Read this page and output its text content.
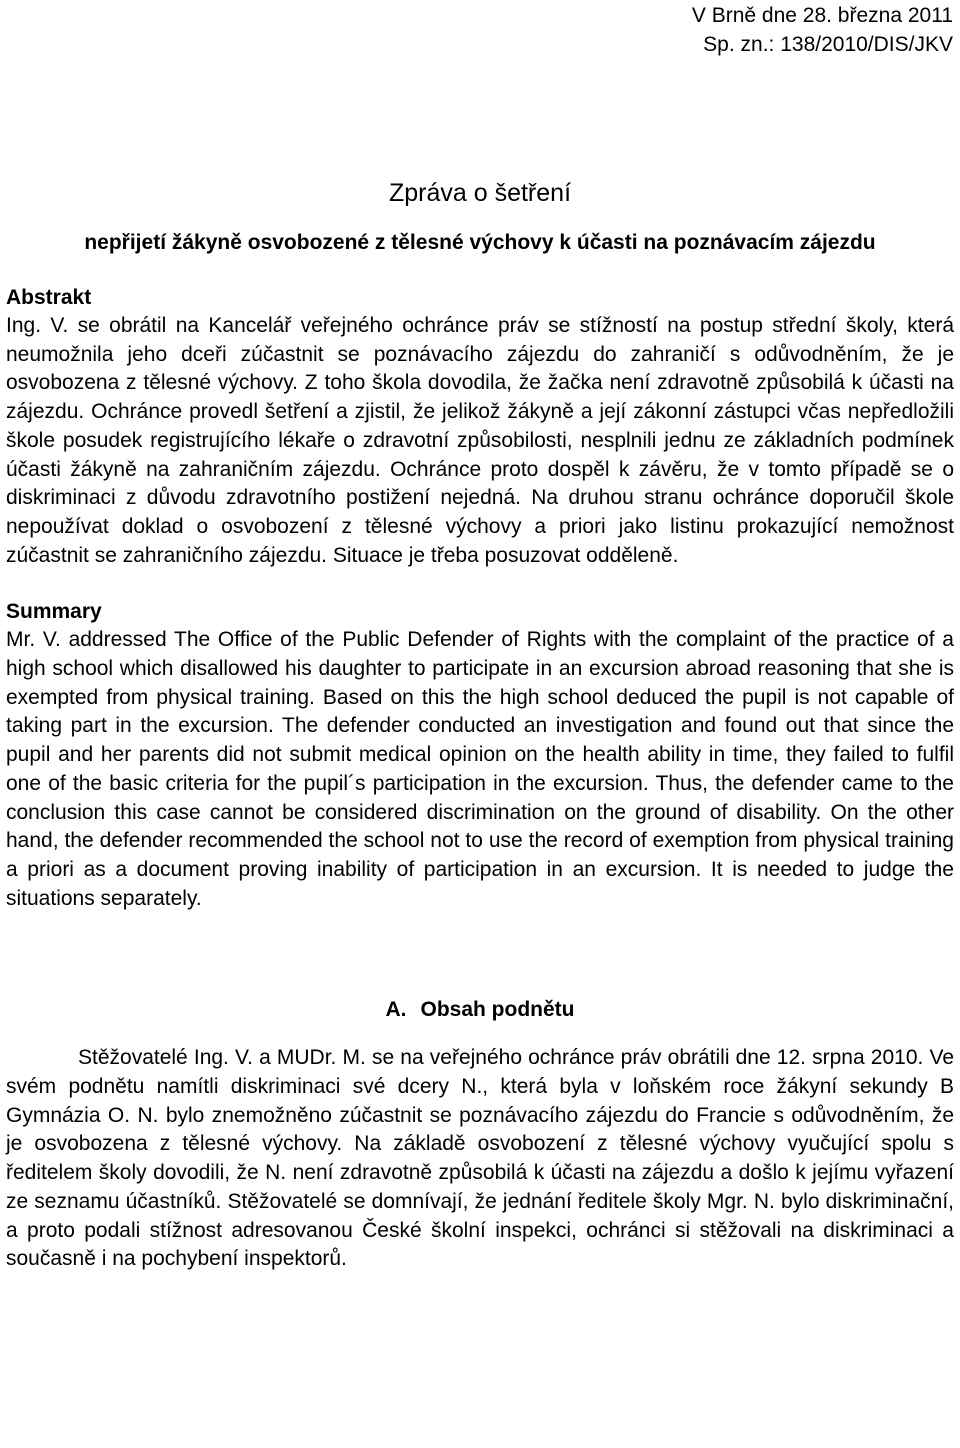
V Brně dne 28. března 2011
Sp. zn.: 138/2010/DIS/JKV
Zpráva o šetření
nepřijetí žákyně osvobozené z tělesné výchovy k účasti na poznávacím zájezdu
Abstrakt

Ing. V. se obrátil na Kancelář veřejného ochránce práv se stížností na postup střední školy, která neumožnila jeho dceři zúčastnit se poznávacího zájezdu do zahraničí s odůvodněním, že je osvobozena z tělesné výchovy. Z toho škola dovodila, že žačka není zdravotně způsobilá k účasti na zájezdu. Ochránce provedl šetření a zjistil, že jelikož žákyně a její zákonní zástupci včas nepředložili škole posudek registrujícího lékaře o zdravotní způsobilosti, nesplnili jednu ze základních podmínek účasti žákyně na zahraničním zájezdu. Ochránce proto dospěl k závěru, že v tomto případě se o diskriminaci z důvodu zdravotního postižení nejedná. Na druhou stranu ochránce doporučil škole nepoužívat doklad o osvobození z tělesné výchovy a priori jako listinu prokazující nemožnost zúčastnit se zahraničního zájezdu. Situace je třeba posuzovat odděleně.

Summary

Mr. V. addressed The Office of the Public Defender of Rights with the complaint of the practice of a high school which disallowed his daughter to participate in an excursion abroad reasoning that she is exempted from physical training. Based on this the high school deduced the pupil is not capable of taking part in the excursion. The defender conducted an investigation and found out that since the pupil and her parents did not submit medical opinion on the health ability in time, they failed to fulfil one of the basic criteria for the pupil´s participation in the excursion. Thus, the defender came to the conclusion this case cannot be considered discrimination on the ground of disability. On the other hand, the defender recommended the school not to use the record of exemption from physical training a priori as a document proving inability of participation in an excursion. It is needed to judge the situations separately.

A. Obsah podnětu

Stěžovatelé Ing. V. a MUDr. M. se na veřejného ochránce práv obrátili dne 12. srpna 2010. Ve svém podnětu namítli diskriminaci své dcery N., která byla v loňském roce žákyní sekundy B Gymnázia O. N. bylo znemožněno zúčastnit se poznávacího zájezdu do Francie s odůvodněním, že je osvobozena z tělesné výchovy. Na základě osvobození z tělesné výchovy vyučující spolu s ředitelem školy dovodili, že N. není zdravotně způsobilá k účasti na zájezdu a došlo k jejímu vyřazení ze seznamu účastníků. Stěžovatelé se domnívají, že jednání ředitele školy Mgr. N. bylo diskriminační, a proto podali stížnost adresovanou České školní inspekci, ochránci si stěžovali na diskriminaci a současně i na pochybení inspektorů.
